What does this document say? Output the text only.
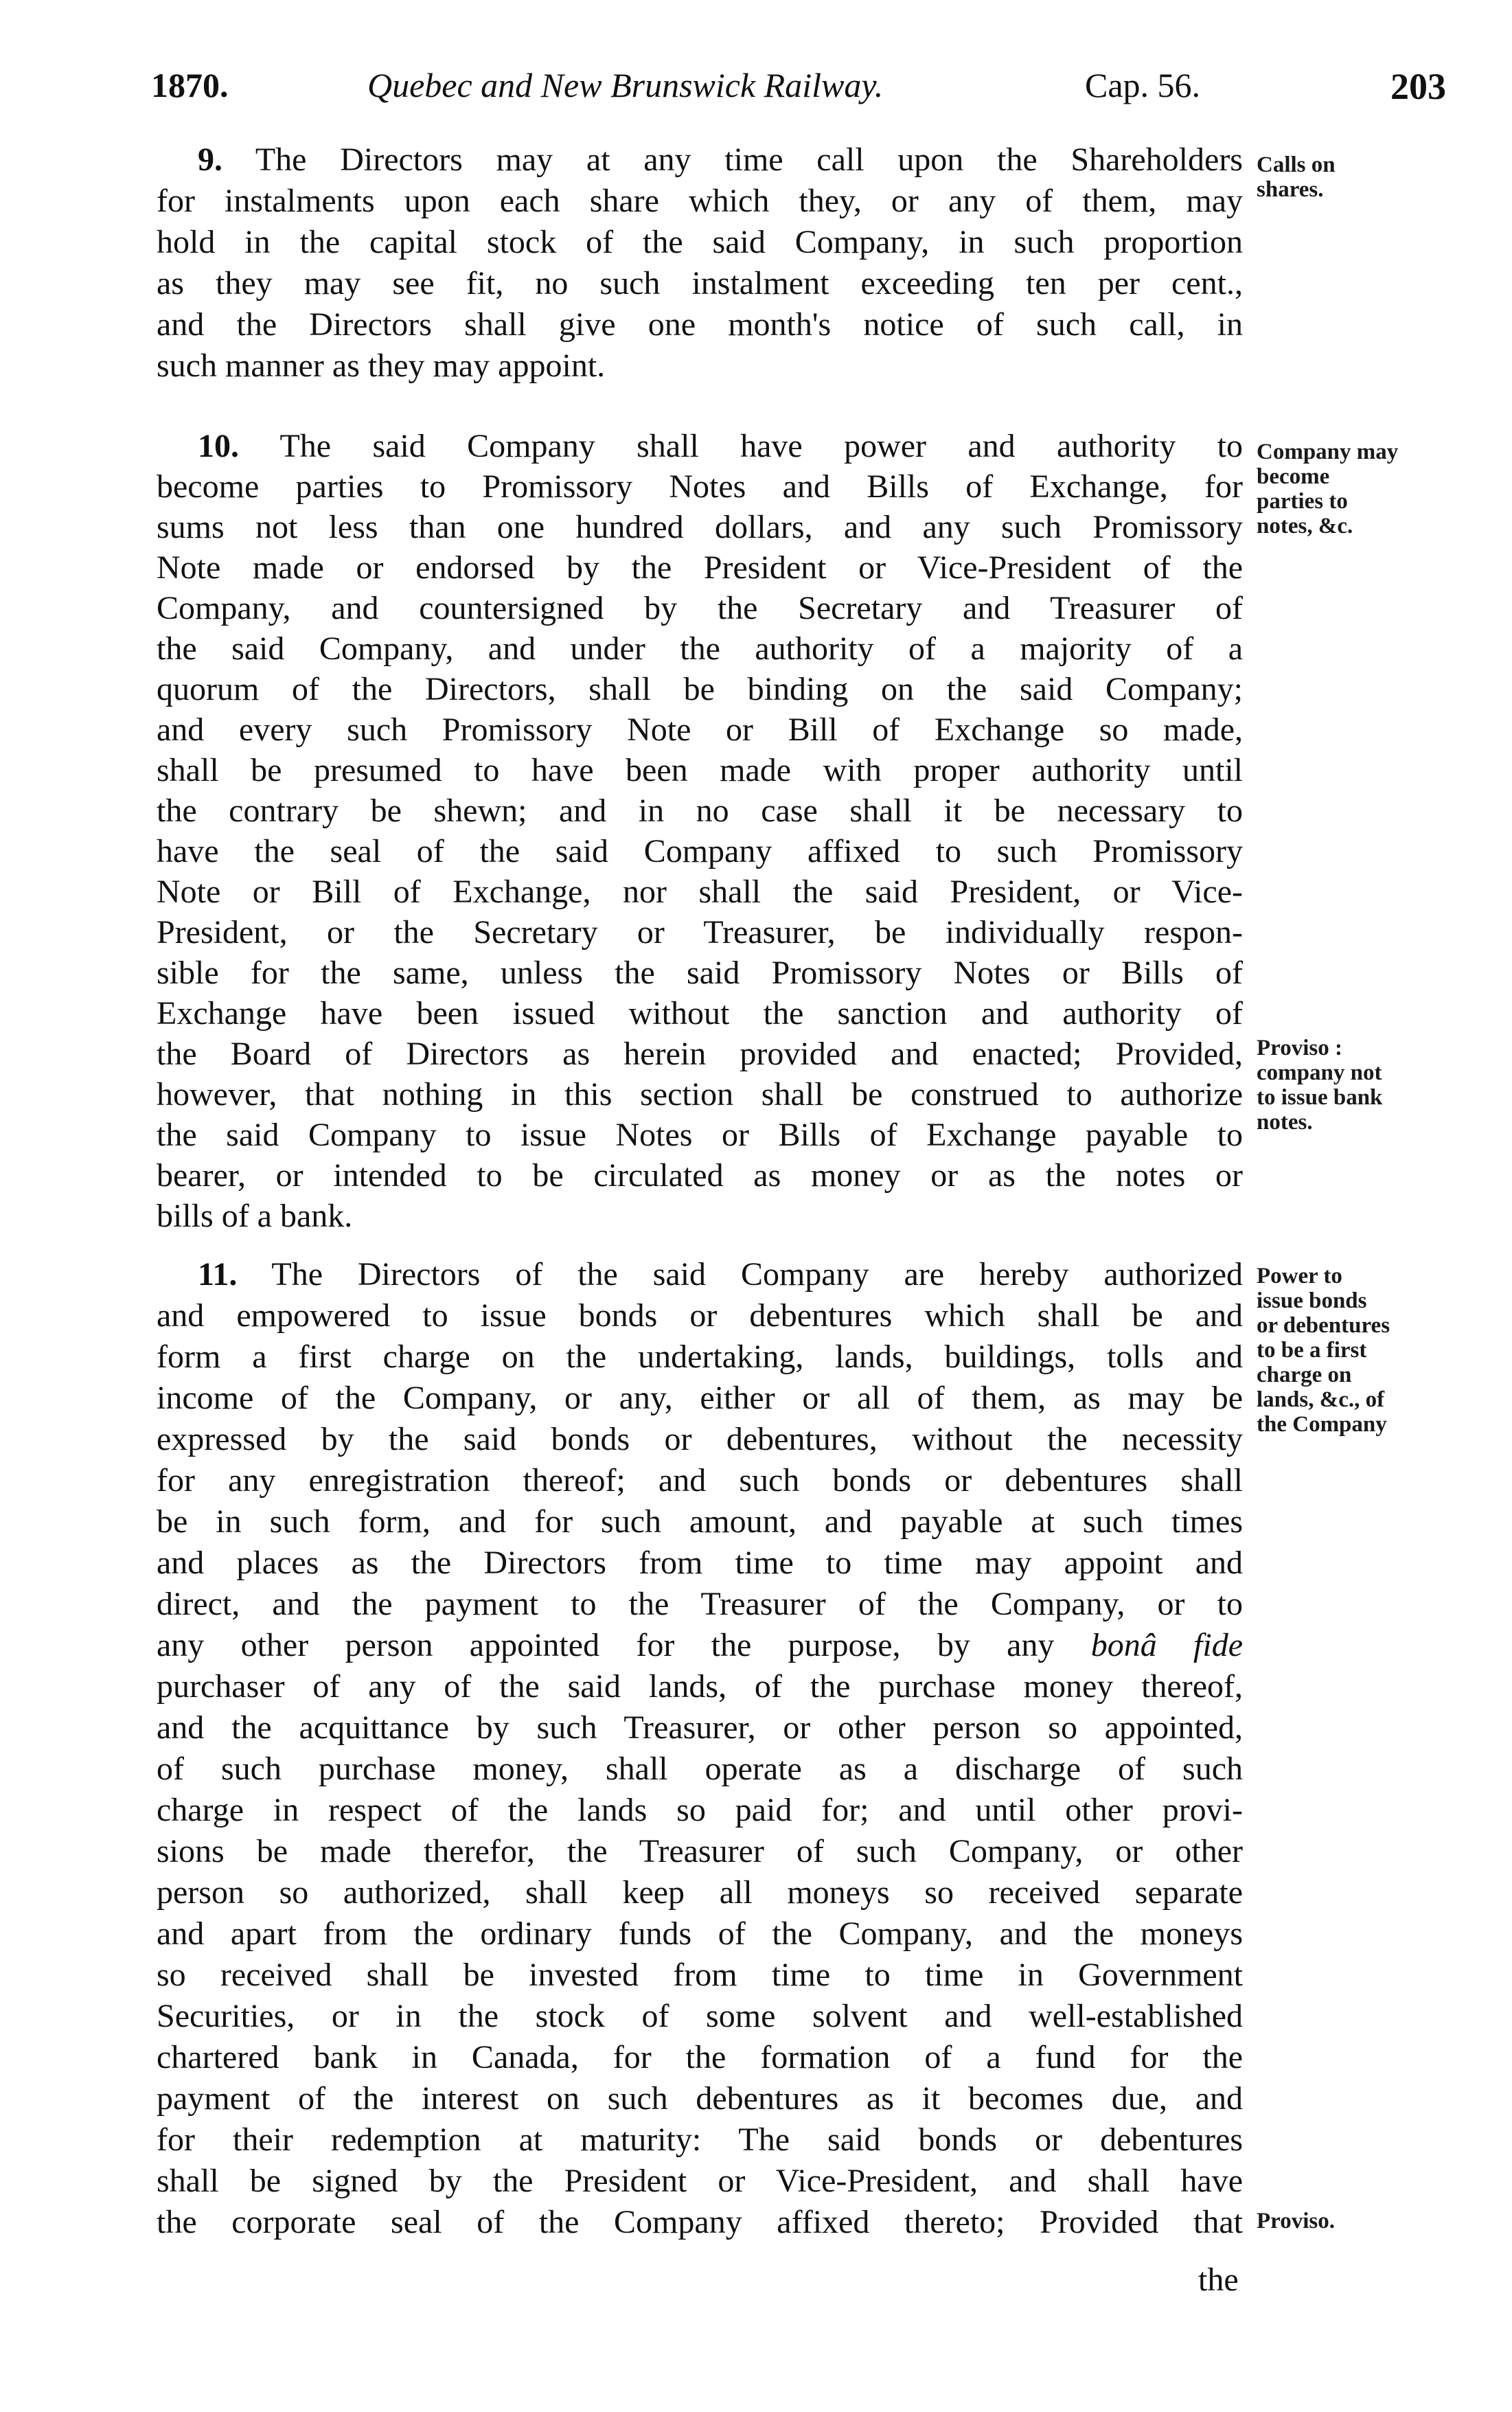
1870.	Quebec and New Brunswick Railway.	Cap. 56.	203
9. The Directors may at any time call upon the Shareholders
for instalments upon each share which they, or any of them, may
hold in the capital stock of the said Company, in such proportion
as they may see fit, no such instalment exceeding ten per cent.,
and the Directors shall give one month's notice of such call, in
such manner as they may appoint.
Calls on
shares.
10. The said Company shall have power and authority to
become parties to Promissory Notes and Bills of Exchange, for
sums not less than one hundred dollars, and any such Promissory
Note made or endorsed by the President or Vice-President of the
Company, and countersigned by the Secretary and Treasurer of
the said Company, and under the authority of a majority of a
quorum of the Directors, shall be binding on the said Company;
and every such Promissory Note or Bill of Exchange so made,
shall be presumed to have been made with proper authority until
the contrary be shewn; and in no case shall it be necessary to
have the seal of the said Company affixed to such Promissory
Note or Bill of Exchange, nor shall the said President, or Vice-
President, or the Secretary or Treasurer, be individually respon-
sible for the same, unless the said Promissory Notes or Bills of
Exchange have been issued without the sanction and authority of
the Board of Directors as herein provided and enacted; Provided,
however, that nothing in this section shall be construed to authorize
the said Company to issue Notes or Bills of Exchange payable to
bearer, or intended to be circulated as money or as the notes or
bills of a bank.
Company may
become
parties to
notes, &c.
Proviso :
company not
to issue bank
notes.
11. The Directors of the said Company are hereby authorized
and empowered to issue bonds or debentures which shall be and
form a first charge on the undertaking, lands, buildings, tolls and
income of the Company, or any, either or all of them, as may be
expressed by the said bonds or debentures, without the necessity
for any enregistration thereof; and such bonds or debentures shall
be in such form, and for such amount, and payable at such times
and places as the Directors from time to time may appoint and
direct, and the payment to the Treasurer of the Company, or to
any other person appointed for the purpose, by any bonâ fide
purchaser of any of the said lands, of the purchase money thereof,
and the acquittance by such Treasurer, or other person so appointed,
of such purchase money, shall operate as a discharge of such
charge in respect of the lands so paid for; and until other provi-
sions be made therefor, the Treasurer of such Company, or other
person so authorized, shall keep all moneys so received separate
and apart from the ordinary funds of the Company, and the moneys
so received shall be invested from time to time in Government
Securities, or in the stock of some solvent and well-established
chartered bank in Canada, for the formation of a fund for the
payment of the interest on such debentures as it becomes due, and
for their redemption at maturity: The said bonds or debentures
shall be signed by the President or Vice-President, and shall have
the corporate seal of the Company affixed thereto; Provided that
Power to
issue bonds
or debentures
to be a first
charge on
lands, &c., of
the Company
Proviso.
the
